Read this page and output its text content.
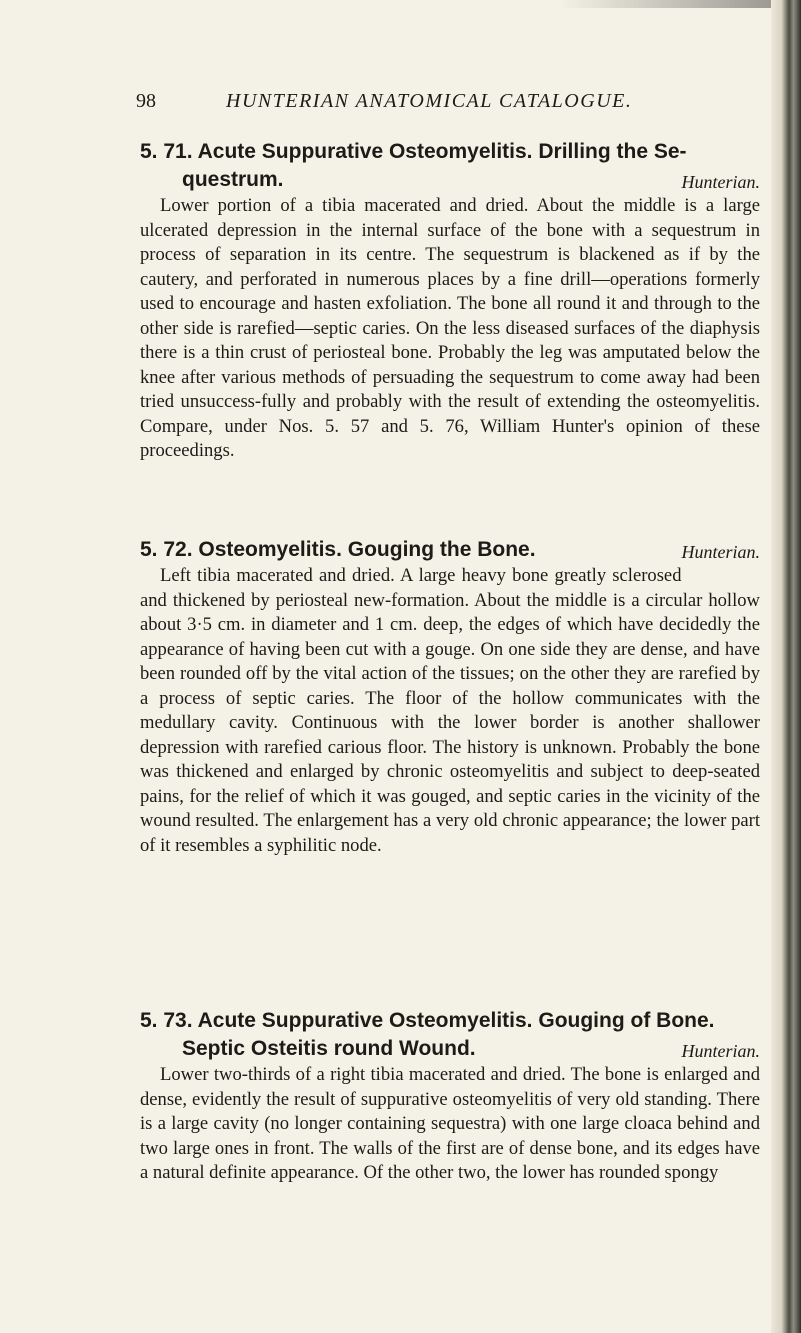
98	HUNTERIAN ANATOMICAL CATALOGUE.

5. 71. Acute Suppurative Osteomyelitis. Drilling the Se-

questrum.	Hunterian.

Lower portion of a tibia macerated and dried. About the middle is a large ulcerated depression in the internal surface of the bone with a sequestrum in process of separation in its centre. The sequestrum is blackened as if by the cautery, and perforated in numerous places by a fine drill—operations formerly used to encourage and hasten exfoliation. The bone all round it and through to the other side is rarefied—septic caries. On the less diseased surfaces of the diaphysis there is a thin crust of periosteal bone. Probably the leg was amputated below the knee after various methods of persuading the sequestrum to come away had been tried unsuccess-fully and probably with the result of extending the osteomyelitis. Compare, under Nos. 5. 57 and 5. 76, William Hunter's opinion of these proceedings.

Hunterian.
5. 72. Osteomyelitis. Gouging the Bone.

Left tibia macerated and dried. A large heavy bone greatly sclerosed and thickened by periosteal new-formation. About the middle is a circular hollow about 3·5 cm. in diameter and 1 cm. deep, the edges of which have decidedly the appearance of having been cut with a gouge. On one side they are dense, and have been rounded off by the vital action of the tissues; on the other they are rarefied by a process of septic caries. The floor of the hollow communicates with the medullary cavity. Continuous with the lower border is another shallower depression with rarefied carious floor. The history is unknown. Probably the bone was thickened and enlarged by chronic osteomyelitis and subject to deep-seated pains, for the relief of which it was gouged, and septic caries in the vicinity of the wound resulted. The enlargement has a very old chronic appearance; the lower part of it resembles a syphilitic node.

5. 73. Acute Suppurative Osteomyelitis. Gouging of Bone.

Septic Osteitis round Wound.	Hunterian.

Lower two-thirds of a right tibia macerated and dried. The bone is enlarged and dense, evidently the result of suppurative osteomyelitis of very old standing. There is a large cavity (no longer containing sequestra) with one large cloaca behind and two large ones in front. The walls of the first are of dense bone, and its edges have a natural definite appearance. Of the other two, the lower has rounded spongy
